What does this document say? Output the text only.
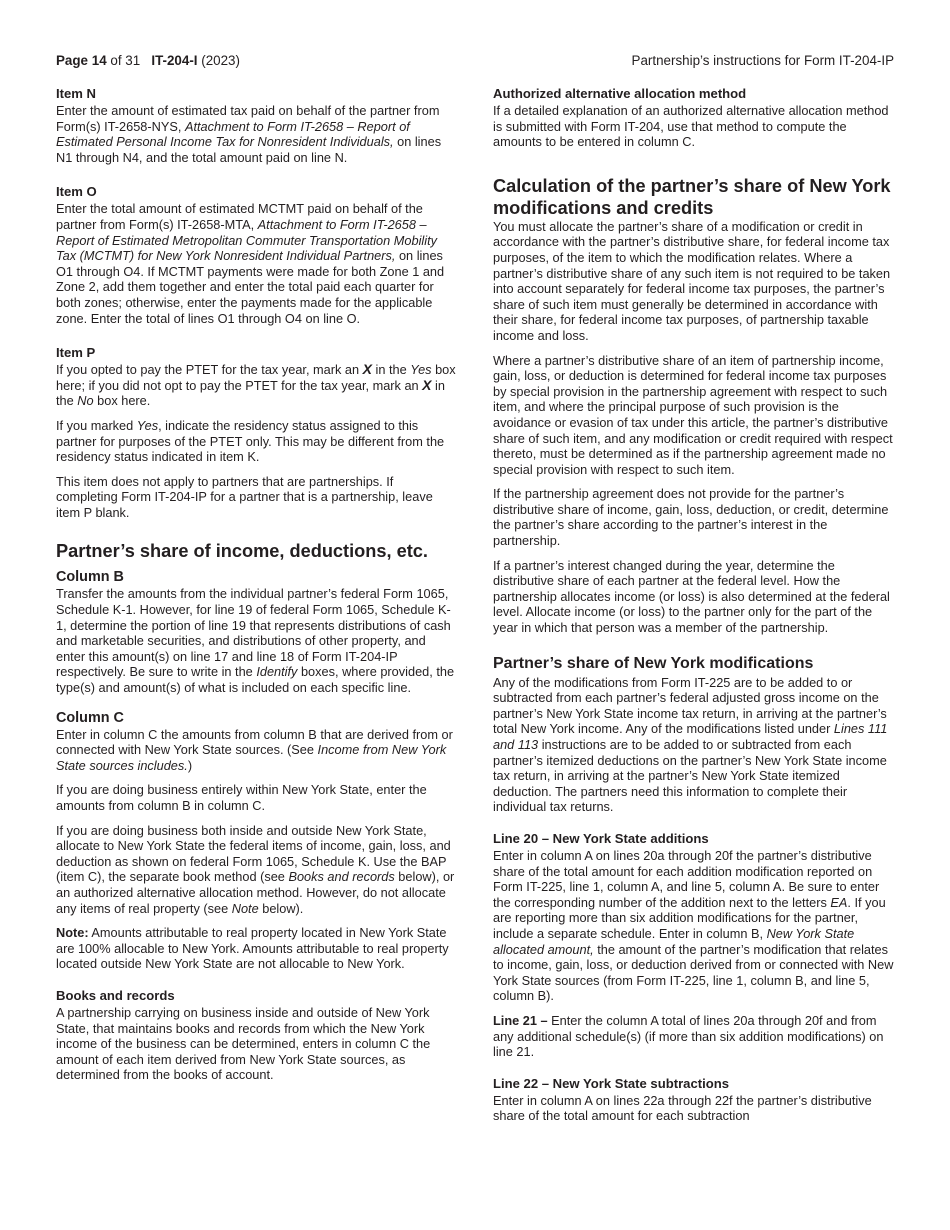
Page 14 of 31 IT-204-I (2023)	Partnership’s instructions for Form IT-204-IP
Item N

Enter the amount of estimated tax paid on behalf of the partner from Form(s) IT-2658-NYS, Attachment to Form IT-2658 – Report of Estimated Personal Income Tax for Nonresident Individuals, on lines N1 through N4, and the total amount paid on line N.

Item O

Enter the total amount of estimated MCTMT paid on behalf of the partner from Form(s) IT-2658-MTA, Attachment to Form IT-2658 – Report of Estimated Metropolitan Commuter Transportation Mobility Tax (MCTMT) for New York Nonresident Individual Partners, on lines O1 through O4. If MCTMT payments were made for both Zone 1 and Zone 2, add them together and enter the total paid each quarter for both zones; otherwise, enter the payments made for the applicable zone. Enter the total of lines O1 through O4 on line O.

Item P

If you opted to pay the PTET for the tax year, mark an X in the Yes box here; if you did not opt to pay the PTET for the tax year, mark an X in the No box here.

If you marked Yes, indicate the residency status assigned to this partner for purposes of the PTET only. This may be different from the residency status indicated in item K.

This item does not apply to partners that are partnerships. If completing Form IT-204-IP for a partner that is a partnership, leave item P blank.

Partner’s share of income, deductions, etc.
Column B

Transfer the amounts from the individual partner’s federal Form 1065, Schedule K-1. However, for line 19 of federal Form 1065, Schedule K-1, determine the portion of line 19 that represents distributions of cash and marketable securities, and distributions of other property, and enter this amount(s) on line 17 and line 18 of Form IT-204-IP respectively. Be sure to write in the Identify boxes, where provided, the type(s) and amount(s) of what is included on each specific line.

Column C

Enter in column C the amounts from column B that are derived from or connected with New York State sources. (See Income from New York State sources includes.)

If you are doing business entirely within New York State, enter the amounts from column B in column C.

If you are doing business both inside and outside New York State, allocate to New York State the federal items of income, gain, loss, and deduction as shown on federal Form 1065, Schedule K. Use the BAP (item C), the separate book method (see Books and records below), or an authorized alternative allocation method. However, do not allocate any items of real property (see Note below).

Note: Amounts attributable to real property located in New York State are 100% allocable to New York. Amounts attributable to real property located outside New York State are not allocable to New York.

Books and records

A partnership carrying on business inside and outside of New York State, that maintains books and records from which the New York income of the business can be determined, enters in column C the amount of each item derived from New York State sources, as determined from the books of account.

Authorized alternative allocation method

If a detailed explanation of an authorized alternative allocation method is submitted with Form IT-204, use that method to compute the amounts to be entered in column C.

Calculation of the partner’s share of New York modifications and credits

You must allocate the partner’s share of a modification or credit in accordance with the partner’s distributive share, for federal income tax purposes, of the item to which the modification relates. Where a partner’s distributive share of any such item is not required to be taken into account separately for federal income tax purposes, the partner’s share of such item must generally be determined in accordance with their share, for federal income tax purposes, of partnership taxable income and loss.

Where a partner’s distributive share of an item of partnership income, gain, loss, or deduction is determined for federal income tax purposes by special provision in the partnership agreement with respect to such item, and where the principal purpose of such provision is the avoidance or evasion of tax under this article, the partner’s distributive share of such item, and any modification or credit required with respect thereto, must be determined as if the partnership agreement made no special provision with respect to such item.

If the partnership agreement does not provide for the partner’s distributive share of income, gain, loss, deduction, or credit, determine the partner’s share according to the partner’s interest in the partnership.

If a partner’s interest changed during the year, determine the distributive share of each partner at the federal level. How the partnership allocates income (or loss) is also determined at the federal level. Allocate income (or loss) to the partner only for the part of the year in which that person was a member of the partnership.

Partner’s share of New York modifications

Any of the modifications from Form IT-225 are to be added to or subtracted from each partner’s federal adjusted gross income on the partner’s New York State income tax return, in arriving at the partner’s total New York income. Any of the modifications listed under Lines 111 and 113 instructions are to be added to or subtracted from each partner’s itemized deductions on the partner’s New York State income tax return, in arriving at the partner’s New York State itemized deduction. The partners need this information to complete their individual tax returns.

Line 20 – New York State additions

Enter in column A on lines 20a through 20f the partner’s distributive share of the total amount for each addition modification reported on Form IT-225, line 1, column A, and line 5, column A. Be sure to enter the corresponding number of the addition next to the letters EA. If you are reporting more than six addition modifications for the partner, include a separate schedule. Enter in column B, New York State allocated amount, the amount of the partner’s modification that relates to income, gain, loss, or deduction derived from or connected with New York State sources (from Form IT-225, line 1, column B, and line 5, column B).

Line 21 – Enter the column A total of lines 20a through 20f and from any additional schedule(s) (if more than six addition modifications) on line 21.

Line 22 – New York State subtractions

Enter in column A on lines 22a through 22f the partner’s distributive share of the total amount for each subtraction
